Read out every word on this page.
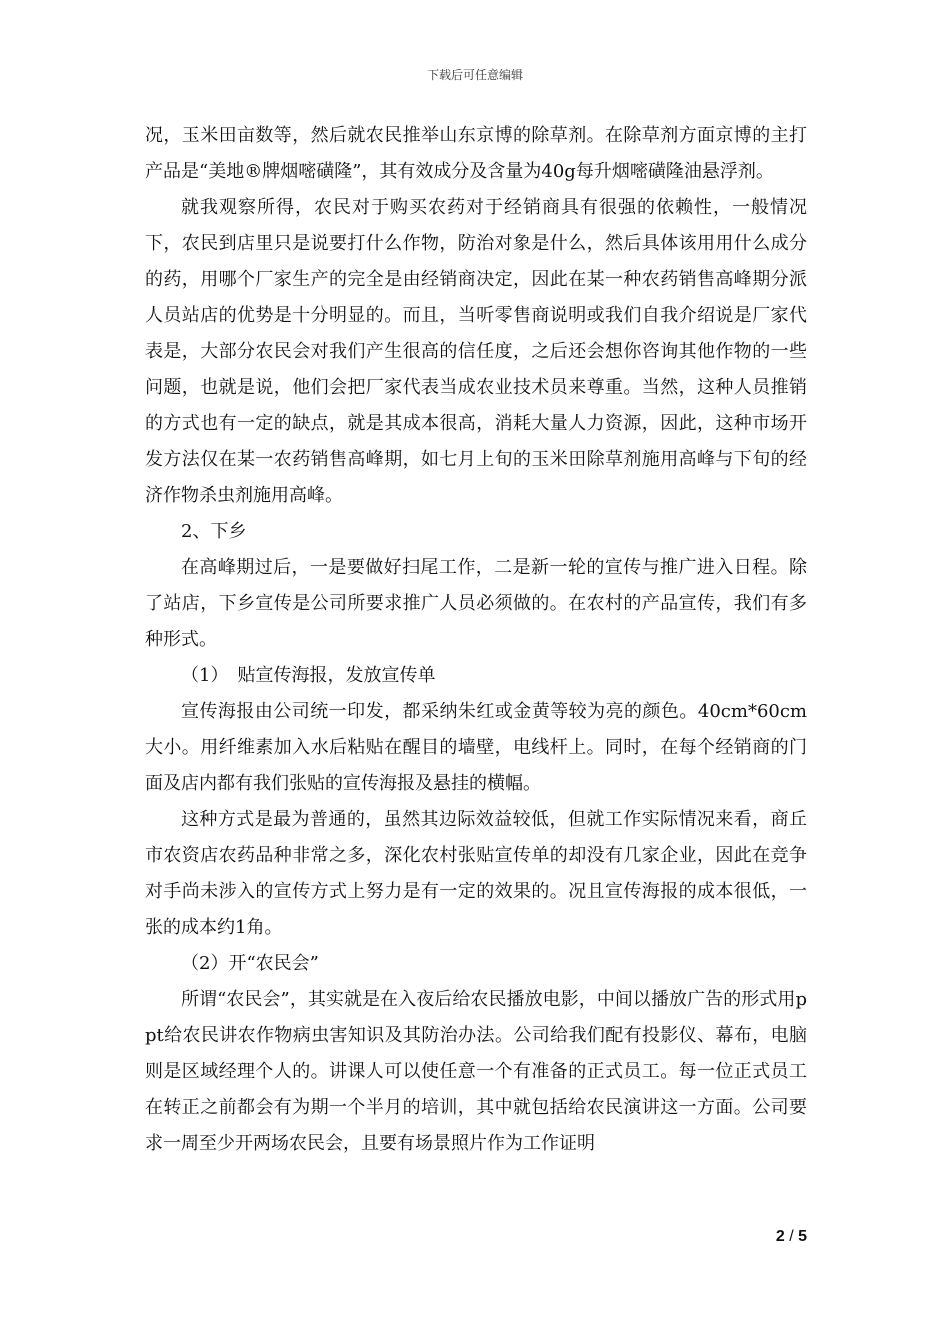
下载后可任意编辑

况，玉米田亩数等，然后就农民推举山东京博的除草剂。在除草剂方面京博的主打产品是“美地®牌烟嘧磺隆”，其有效成分及含量为40g每升烟嘧磺隆油悬浮剂。

就我观察所得，农民对于购买农药对于经销商具有很强的依赖性，一般情况下，农民到店里只是说要打什么作物，防治对象是什么，然后具体该用用什么成分的药，用哪个厂家生产的完全是由经销商决定，因此在某一种农药销售高峰期分派人员站店的优势是十分明显的。而且，当听零售商说明或我们自我介绍说是厂家代表是，大部分农民会对我们产生很高的信任度，之后还会想你咨询其他作物的一些问题，也就是说，他们会把厂家代表当成农业技术员来尊重。当然，这种人员推销的方式也有一定的缺点，就是其成本很高，消耗大量人力资源，因此，这种市场开发方法仅在某一农药销售高峰期，如七月上旬的玉米田除草剂施用高峰与下旬的经济作物杀虫剂施用高峰。

2、下乡

在高峰期过后，一是要做好扫尾工作，二是新一轮的宣传与推广进入日程。除了站店，下乡宣传是公司所要求推广人员必须做的。在农村的产品宣传，我们有多种形式。

（1）　贴宣传海报，发放宣传单

宣传海报由公司统一印发，都采纳朱红或金黄等较为亮的颜色。40cm*60cm大小。用纤维素加入水后粘贴在醒目的墙壁，电线杆上。同时，在每个经销商的门面及店内都有我们张贴的宣传海报及悬挂的横幅。

这种方式是最为普通的，虽然其边际效益较低，但就工作实际情况来看，商丘市农资店农药品种非常之多，深化农村张贴宣传单的却没有几家企业，因此在竞争对手尚未涉入的宣传方式上努力是有一定的效果的。况且宣传海报的成本很低，一张的成本约1角。

（2）开“农民会”

所谓“农民会”，其实就是在入夜后给农民播放电影，中间以播放广告的形式用ppt给农民讲农作物病虫害知识及其防治办法。公司给我们配有投影仪、幕布，电脑则是区域经理个人的。讲课人可以使任意一个有准备的正式员工。每一位正式员工在转正之前都会有为期一个半月的培训，其中就包括给农民演讲这一方面。公司要求一周至少开两场农民会，且要有场景照片作为工作证明

2 / 5
